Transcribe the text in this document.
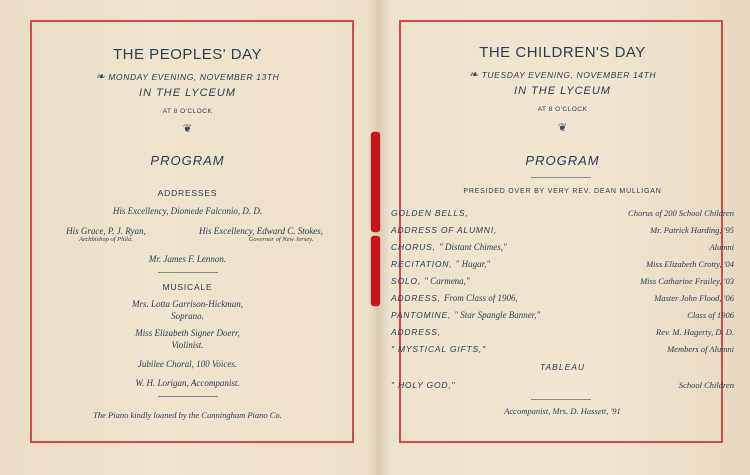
THE PEOPLES' DAY
❧ MONDAY EVENING, NOVEMBER 13TH
IN THE LYCEUM
AT 8 O'CLOCK
❦
PROGRAM
ADDRESSES
His Excellency, Diomede Falconio, D. D.
His Grace, P. J. Ryan,
Archbishop of Phila.
His Excellency, Edward C. Stokes,
Governor of New Jersey.
Mr. James F. Lennon.
MUSICALE
Mrs. Lotta Garrison-Hickman,
Soprano.
Miss Elizabeth Signer Doerr,
Violinist.
Jubilee Choral, 100 Voices.
W. H. Lorigan, Accompanist.
The Piano kindly loaned by the Cunningham Piano Co.
THE CHILDREN'S DAY
❧ TUESDAY EVENING, NOVEMBER 14TH
IN THE LYCEUM
AT 8 O'CLOCK
❦
PROGRAM
PRESIDED OVER BY VERY REV. DEAN MULLIGAN
GOLDEN BELLS,	Chorus of 200 School Children
ADDRESS OF ALUMNI,	Mr. Patrick Harding, '95
CHORUS, " Distant Chimes,"	Alumni
RECITATION, " Hagar,"	Miss Elizabeth Crotty, '04
SOLO, " Carmena,"	Miss Catharine Frailey, '03
ADDRESS, From Class of 1906,	Master John Flood, '06
PANTOMINE, " Star Spangle Banner,"	Class of 1906
ADDRESS,	Rev. M. Hagerty, D. D.
" MYSTICAL GIFTS,"	Members of Alumni
TABLEAU
" HOLY GOD,"	School Children
Accompanist, Mrs. D. Hassett, '91
